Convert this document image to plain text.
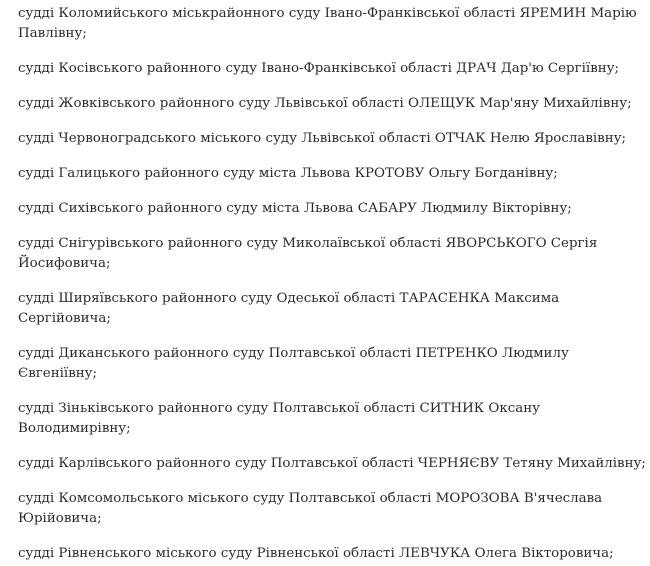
судді Коломийського міськрайонного суду Івано-Франківської області ЯРЕМИН Марію Павлівну;

судді Косівського районного суду Івано-Франківської області ДРАЧ Дар'ю Сергіївну;

судді Жовківського районного суду Львівської області ОЛЕЩУК Мар'яну Михайлівну;

судді Червоноградського міського суду Львівської області ОТЧАК Нелю Ярославівну;

судді Галицького районного суду міста Львова КРОТОВУ Ольгу Богданівну;

судді Сихівського районного суду міста Львова САБАРУ Людмилу Вікторівну;

судді Снігурівського районного суду Миколаївської області ЯВОРСЬКОГО Сергія Йосифовича;

судді Ширяївського районного суду Одеської області ТАРАСЕНКА Максима Сергійовича;

судді Диканського районного суду Полтавської області ПЕТРЕНКО Людмилу Євгеніївну;

судді Зіньківського районного суду Полтавської області СИТНИК Оксану Володимирівну;

судді Карлівського районного суду Полтавської області ЧЕРНЯЄВУ Тетяну Михайлівну;

судді Комсомольського міського суду Полтавської області МОРОЗОВА В'ячеслава Юрійовича;

судді Рівненського міського суду Рівненської області ЛЕВЧУКА Олега Вікторовича;
